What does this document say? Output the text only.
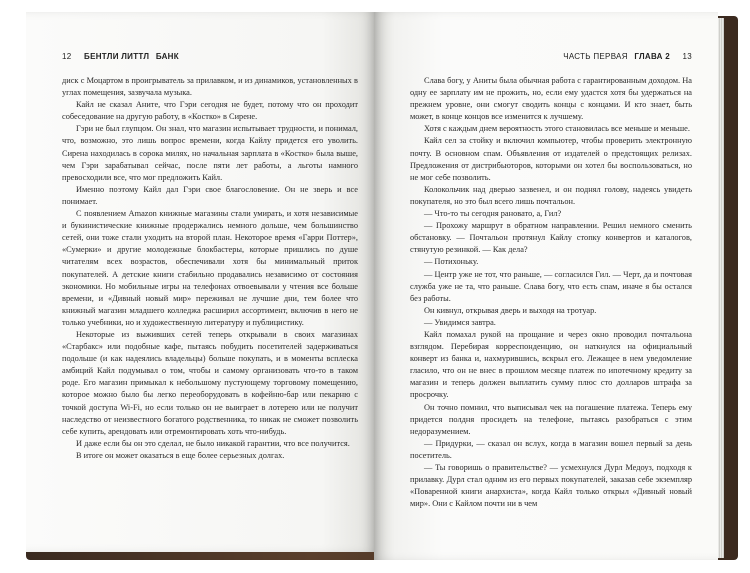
12 БЕНТЛИ ЛИТТЛ БАНК

диск с Моцартом в проигрыватель за прилавком, и из динамиков, установленных в углах помещения, зазвучала музыка.

Кайл не сказал Аните, что Гэри сегодня не будет, потому что он проходит собеседование на другую работу, в «Костко» в Сирене.

Гэри не был глупцом. Он знал, что магазин испытывает трудности, и понимал, что, возможно, это лишь вопрос времени, когда Кайлу придется его уволить. Сирена находилась в сорока милях, но начальная зарплата в «Костко» была выше, чем Гэри зарабатывал сейчас, после пяти лет работы, а льготы намного превосходили все, что мог предложить Кайл.

Именно поэтому Кайл дал Гэри свое благословение. Он не зверь и все понимает.

С появлением Amazon книжные магазины стали умирать, и хотя независимые и букинистические книжные продержались немного дольше, чем большинство сетей, они тоже стали уходить на второй план. Некоторое время «Гарри Поттер», «Сумерки» и другие молодежные блокбастеры, которые пришлись по душе читателям всех возрастов, обеспечивали хотя бы минимальный приток покупателей. А детские книги стабильно продавались независимо от состояния экономики. Но мобильные игры на телефонах отвоевывали у чтения все больше времени, и «Дивный новый мир» переживал не лучшие дни, тем более что книжный магазин младшего колледжа расширил ассортимент, включив в него не только учебники, но и художественную литературу и публицистику.

Некоторые из выживших сетей теперь открывали в своих магазинах «Старбакс» или подобные кафе, пытаясь побудить посетителей задерживаться подольше (и как надеялись владельцы) больше покупать, и в моменты всплеска амбиций Кайл подумывал о том, чтобы и самому организовать что-то в таком роде. Его магазин примыкал к небольшому пустующему торговому помещению, которое можно было бы легко переоборудовать в кофейню-бар или пекарню с точкой доступа Wi-Fi, но если только он не выиграет в лотерею или не получит наследство от неизвестного богатого родственника, то никак не сможет позволить себе купить, арендовать или отремонтировать хоть что-нибудь.

И даже если бы он это сделал, не было никакой гарантии, что все получится.

В итоге он может оказаться в еще более серьезных долгах.

ЧАСТЬ ПЕРВАЯ ГЛАВА 2 13

Слава богу, у Аниты была обычная работа с гарантированным доходом. На одну ее зарплату им не прожить, но, если ему удастся хотя бы удержаться на прежнем уровне, они смогут сводить концы с концами. И кто знает, быть может, в конце концов все изменится к лучшему.

Хотя с каждым днем вероятность этого становилась все меньше и меньше.

Кайл сел за стойку и включил компьютер, чтобы проверить электронную почту. В основном спам. Объявления от издателей о предстоящих релизах. Предложения от дистрибьюторов, которыми он хотел бы воспользоваться, но не мог себе позволить.

Колокольчик над дверью зазвенел, и он поднял голову, надеясь увидеть покупателя, но это был всего лишь почтальон.

— Что-то ты сегодня рановато, а, Гил?

— Прохожу маршрут в обратном направлении. Решил немного сменить обстановку. — Почтальон протянул Кайлу стопку конвертов и каталогов, стянутую резинкой. — Как дела?

— Потихоньку.

— Центр уже не тот, что раньше, — согласился Гил. — Черт, да и почтовая служба уже не та, что раньше. Слава богу, что есть спам, иначе я бы остался без работы.

Он кивнул, открывая дверь и выходя на тротуар.

— Увидимся завтра.

Кайл помахал рукой на прощание и через окно проводил почтальона взглядом. Перебирая корреспонденцию, он наткнулся на официальный конверт из банка и, нахмурившись, вскрыл его. Лежащее в нем уведомление гласило, что он не внес в прошлом месяце платеж по ипотечному кредиту за магазин и теперь должен выплатить сумму плюс сто долларов штрафа за просрочку.

Он точно помнил, что выписывал чек на погашение платежа. Теперь ему придется полдня просидеть на телефоне, пытаясь разобраться с этим недоразумением.

— Придурки, — сказал он вслух, когда в магазин вошел первый за день посетитель.

— Ты говоришь о правительстве? — усмехнулся Дурл Медоуз, подходя к прилавку. Дурл стал одним из его первых покупателей, заказав себе экземпляр «Поваренной книги анархиста», когда Кайл только открыл «Дивный новый мир». Они с Кайлом почти ни в чем
